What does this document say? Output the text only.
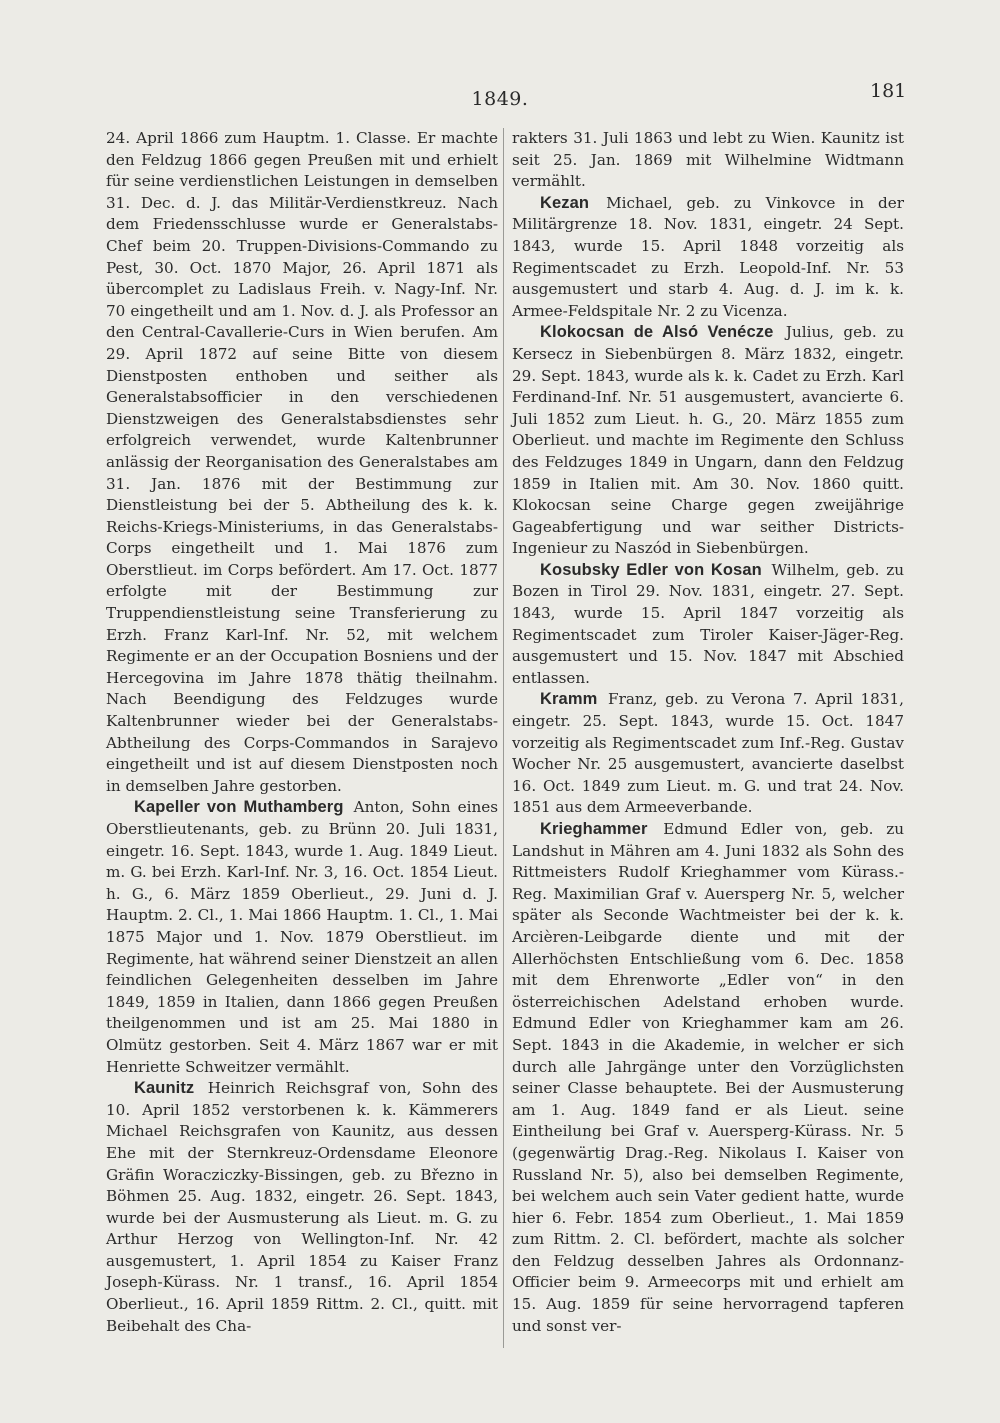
1849.	181

24. April 1866 zum Hauptm. 1. Classe. Er machte den Feldzug 1866 gegen Preußen mit und erhielt für seine verdienstlichen Leistungen in demselben 31. Dec. d. J. das Militär-Verdienstkreuz. Nach dem Friedensschlusse wurde er Generalstabs-Chef beim 20. Truppen-Divisions-Commando zu Pest, 30. Oct. 1870 Major, 26. April 1871 als übercomplet zu Ladislaus Freih. v. Nagy-Inf. Nr. 70 eingetheilt und am 1. Nov. d. J. als Professor an den Central-Cavallerie-Curs in Wien berufen. Am 29. April 1872 auf seine Bitte von diesem Dienstposten enthoben und seither als Generalstabsofficier in den verschiedenen Dienstzweigen des Generalstabsdienstes sehr erfolgreich verwendet, wurde Kaltenbrunner anlässig der Reorganisation des Generalstabes am 31. Jan. 1876 mit der Bestimmung zur Dienstleistung bei der 5. Abtheilung des k. k. Reichs-Kriegs-Ministeriums, in das Generalstabs-Corps eingetheilt und 1. Mai 1876 zum Oberstlieut. im Corps befördert. Am 17. Oct. 1877 erfolgte mit der Bestimmung zur Truppendienstleistung seine Transferierung zu Erzh. Franz Karl-Inf. Nr. 52, mit welchem Regimente er an der Occupation Bosniens und der Hercegovina im Jahre 1878 thätig theilnahm. Nach Beendigung des Feldzuges wurde Kaltenbrunner wieder bei der Generalstabs-Abtheilung des Corps-Commandos in Sarajevo eingetheilt und ist auf diesem Dienstposten noch in demselben Jahre gestorben.

Kapeller von Muthamberg Anton, Sohn eines Oberstlieutenants, geb. zu Brünn 20. Juli 1831, eingetr. 16. Sept. 1843, wurde 1. Aug. 1849 Lieut. m. G. bei Erzh. Karl-Inf. Nr. 3, 16. Oct. 1854 Lieut. h. G., 6. März 1859 Oberlieut., 29. Juni d. J. Hauptm. 2. Cl., 1. Mai 1866 Hauptm. 1. Cl., 1. Mai 1875 Major und 1. Nov. 1879 Oberstlieut. im Regimente, hat während seiner Dienstzeit an allen feindlichen Gelegenheiten desselben im Jahre 1849, 1859 in Italien, dann 1866 gegen Preußen theilgenommen und ist am 25. Mai 1880 in Olmütz gestorben. Seit 4. März 1867 war er mit Henriette Schweitzer vermählt.

Kaunitz Heinrich Reichsgraf von, Sohn des 10. April 1852 verstorbenen k. k. Kämmerers Michael Reichsgrafen von Kaunitz, aus dessen Ehe mit der Sternkreuz-Ordensdame Eleonore Gräfin Woracziczky-Bissingen, geb. zu Březno in Böhmen 25. Aug. 1832, eingetr. 26. Sept. 1843, wurde bei der Ausmusterung als Lieut. m. G. zu Arthur Herzog von Wellington-Inf. Nr. 42 ausgemustert, 1. April 1854 zu Kaiser Franz Joseph-Kürass. Nr. 1 transf., 16. April 1854 Oberlieut., 16. April 1859 Rittm. 2. Cl., quitt. mit Beibehalt des Cha-

rakters 31. Juli 1863 und lebt zu Wien. Kaunitz ist seit 25. Jan. 1869 mit Wilhelmine Widtmann vermählt.

Kezan Michael, geb. zu Vinkovce in der Militärgrenze 18. Nov. 1831, eingetr. 24 Sept. 1843, wurde 15. April 1848 vorzeitig als Regimentscadet zu Erzh. Leopold-Inf. Nr. 53 ausgemustert und starb 4. Aug. d. J. im k. k. Armee-Feldspitale Nr. 2 zu Vicenza.

Klokocsan de Alsó Venécze Julius, geb. zu Kersecz in Siebenbürgen 8. März 1832, eingetr. 29. Sept. 1843, wurde als k. k. Cadet zu Erzh. Karl Ferdinand-Inf. Nr. 51 ausgemustert, avancierte 6. Juli 1852 zum Lieut. h. G., 20. März 1855 zum Oberlieut. und machte im Regimente den Schluss des Feldzuges 1849 in Ungarn, dann den Feldzug 1859 in Italien mit. Am 30. Nov. 1860 quitt. Klokocsan seine Charge gegen zweijährige Gageabfertigung und war seither Districts-Ingenieur zu Naszód in Siebenbürgen.

Kosubsky Edler von Kosan Wilhelm, geb. zu Bozen in Tirol 29. Nov. 1831, eingetr. 27. Sept. 1843, wurde 15. April 1847 vorzeitig als Regimentscadet zum Tiroler Kaiser-Jäger-Reg. ausgemustert und 15. Nov. 1847 mit Abschied entlassen.

Kramm Franz, geb. zu Verona 7. April 1831, eingetr. 25. Sept. 1843, wurde 15. Oct. 1847 vorzeitig als Regimentscadet zum Inf.-Reg. Gustav Wocher Nr. 25 ausgemustert, avancierte daselbst 16. Oct. 1849 zum Lieut. m. G. und trat 24. Nov. 1851 aus dem Armeeverbande.

Krieghammer Edmund Edler von, geb. zu Landshut in Mähren am 4. Juni 1832 als Sohn des Rittmeisters Rudolf Krieghammer vom Kürass.-Reg. Maximilian Graf v. Auersperg Nr. 5, welcher später als Seconde Wachtmeister bei der k. k. Arcièren-Leibgarde diente und mit der Allerhöchsten Entschließung vom 6. Dec. 1858 mit dem Ehrenworte „Edler von“ in den österreichischen Adelstand erhoben wurde. Edmund Edler von Krieghammer kam am 26. Sept. 1843 in die Akademie, in welcher er sich durch alle Jahrgänge unter den Vorzüglichsten seiner Classe behauptete. Bei der Ausmusterung am 1. Aug. 1849 fand er als Lieut. seine Eintheilung bei Graf v. Auersperg-Kürass. Nr. 5 (gegenwärtig Drag.-Reg. Nikolaus I. Kaiser von Russland Nr. 5), also bei demselben Regimente, bei welchem auch sein Vater gedient hatte, wurde hier 6. Febr. 1854 zum Oberlieut., 1. Mai 1859 zum Rittm. 2. Cl. befördert, machte als solcher den Feldzug desselben Jahres als Ordonnanz-Officier beim 9. Armeecorps mit und erhielt am 15. Aug. 1859 für seine hervorragend tapferen und sonst ver-
